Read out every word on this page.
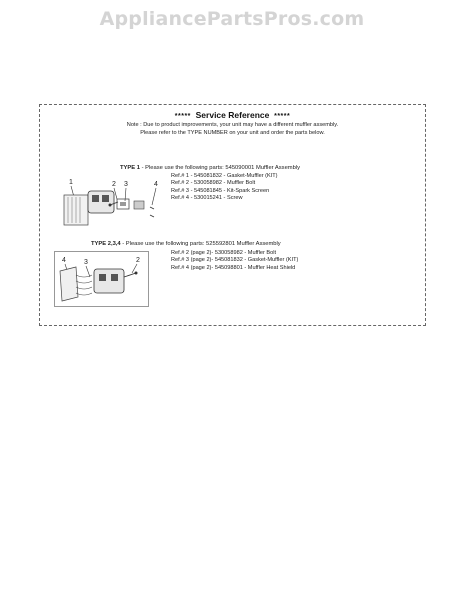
AppliancePartsPros.com
***** Service Reference *****
Note : Due to product improvements, your unit may have a different muffler assembly.
Please refer to the TYPE NUMBER on your unit and order the parts below.
TYPE 1 - Please use the following parts: 545090001 Muffler Assembly
1	2 3	4
Ref.# 1 - 545081832 - Gasket-Muffler (KIT)
Ref.# 2 - 530058982 - Muffler Bolt
Ref.# 3 - 545081845 - Kit-Spark Screen
Ref.# 4 - 530015241 - Screw
TYPE 2,3,4 - Please use the following parts: 525592801 Muffler Assembly
4	3	2
Ref.# 2 (page 2)- 530058982 - Muffler Bolt
Ref.# 3 (page 2)- 545081832 - Gasket-Muffler (KIT)
Ref.# 4 (page 2)- 545098801 - Muffler Heat Shield
